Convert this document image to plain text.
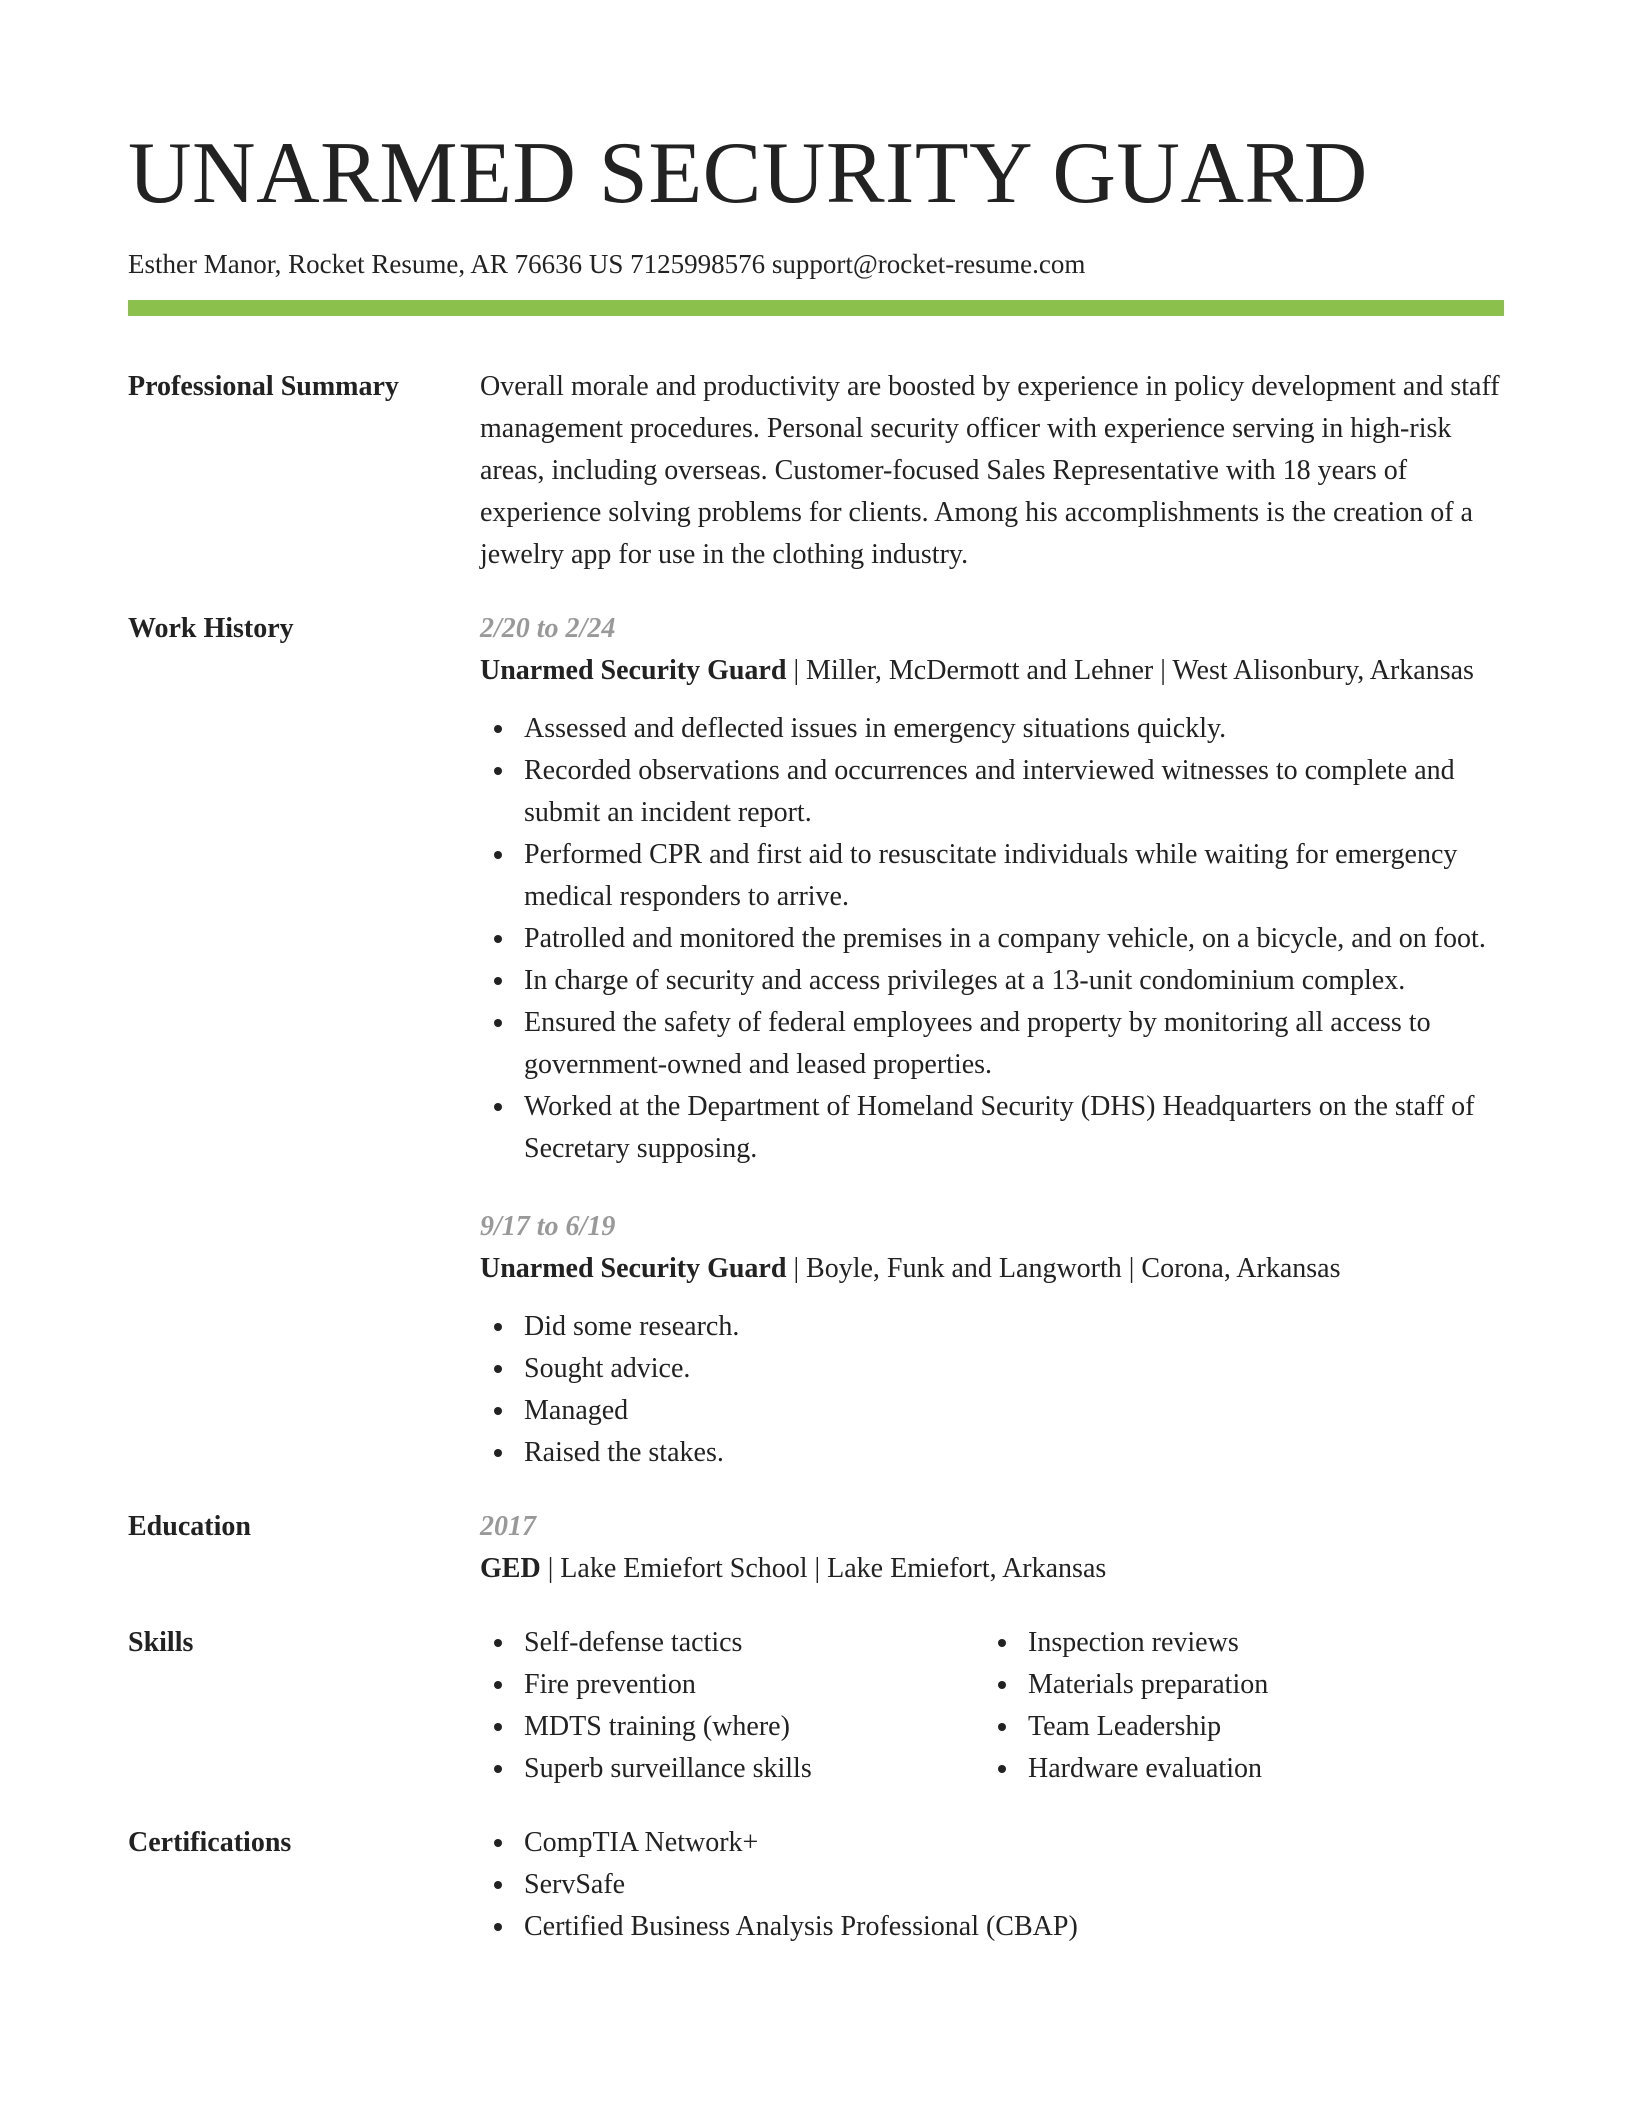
UNARMED SECURITY GUARD
Esther Manor, Rocket Resume, AR 76636 US 7125998576 support@rocket-resume.com
Professional Summary	Overall morale and productivity are boosted by experience in policy development and staff management procedures. Personal security officer with experience serving in high-risk areas, including overseas. Customer-focused Sales Representative with 18 years of experience solving problems for clients. Among his accomplishments is the creation of a jewelry app for use in the clothing industry.
Work History	2/20 to 2/24
Unarmed Security Guard | Miller, McDermott and Lehner | West Alisonbury, Arkansas
Assessed and deflected issues in emergency situations quickly.
Recorded observations and occurrences and interviewed witnesses to complete and submit an incident report.
Performed CPR and first aid to resuscitate individuals while waiting for emergency medical responders to arrive.
Patrolled and monitored the premises in a company vehicle, on a bicycle, and on foot.
In charge of security and access privileges at a 13-unit condominium complex.
Ensured the safety of federal employees and property by monitoring all access to government-owned and leased properties.
Worked at the Department of Homeland Security (DHS) Headquarters on the staff of Secretary supposing.
9/17 to 6/19
Unarmed Security Guard | Boyle, Funk and Langworth | Corona, Arkansas
Did some research.
Sought advice.
Managed
Raised the stakes.
Education	2017
GED | Lake Emiefort School | Lake Emiefort, Arkansas
Skills	Self-defense tactics
Fire prevention
MDTS training (where)
Superb surveillance skills
Inspection reviews
Materials preparation
Team Leadership
Hardware evaluation
Certifications	CompTIA Network+
ServSafe
Certified Business Analysis Professional (CBAP)
